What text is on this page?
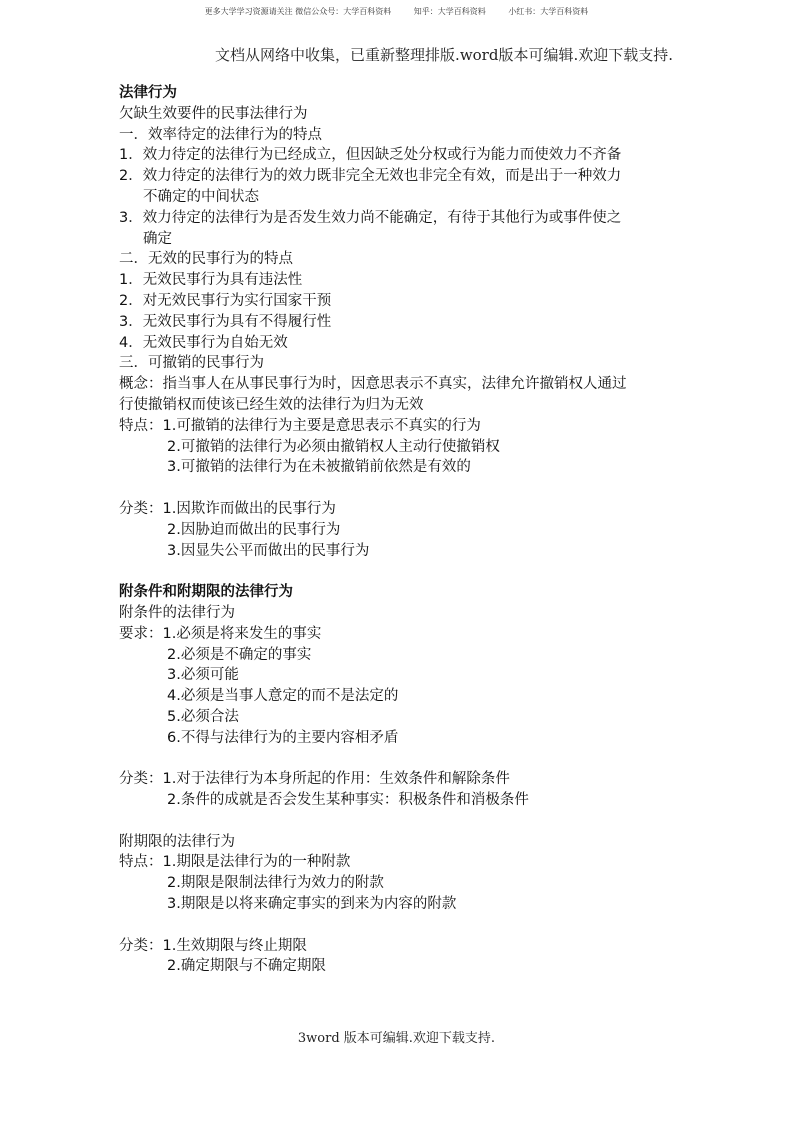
更多大学学习资源请关注 微信公众号：大学百科资料	知乎：大学百科资料	小红书：大学百科资料
文档从网络中收集，已重新整理排版.word版本可编辑.欢迎下载支持.
法律行为
欠缺生效要件的民事法律行为
一．效率待定的法律行为的特点
1．效力待定的法律行为已经成立，但因缺乏处分权或行为能力而使效力不齐备
2．效力待定的法律行为的效力既非完全无效也非完全有效，而是出于一种效力
不确定的中间状态
3．效力待定的法律行为是否发生效力尚不能确定，有待于其他行为或事件使之
确定
二．无效的民事行为的特点
1．无效民事行为具有违法性
2．对无效民事行为实行国家干预
3．无效民事行为具有不得履行性
4．无效民事行为自始无效
三．可撤销的民事行为
概念：指当事人在从事民事行为时，因意思表示不真实，法律允许撤销权人通过
行使撤销权而使该已经生效的法律行为归为无效
特点：1.可撤销的法律行为主要是意思表示不真实的行为
2.可撤销的法律行为必须由撤销权人主动行使撤销权
3.可撤销的法律行为在未被撤销前依然是有效的
分类：1.因欺诈而做出的民事行为
2.因胁迫而做出的民事行为
3.因显失公平而做出的民事行为
附条件和附期限的法律行为
附条件的法律行为
要求：1.必须是将来发生的事实
2.必须是不确定的事实
3.必须可能
4.必须是当事人意定的而不是法定的
5.必须合法
6.不得与法律行为的主要内容相矛盾
分类：1.对于法律行为本身所起的作用：生效条件和解除条件
2.条件的成就是否会发生某种事实：积极条件和消极条件
附期限的法律行为
特点：1.期限是法律行为的一种附款
2.期限是限制法律行为效力的附款
3.期限是以将来确定事实的到来为内容的附款
分类：1.生效期限与终止期限
2.确定期限与不确定期限
3word 版本可编辑.欢迎下载支持.
